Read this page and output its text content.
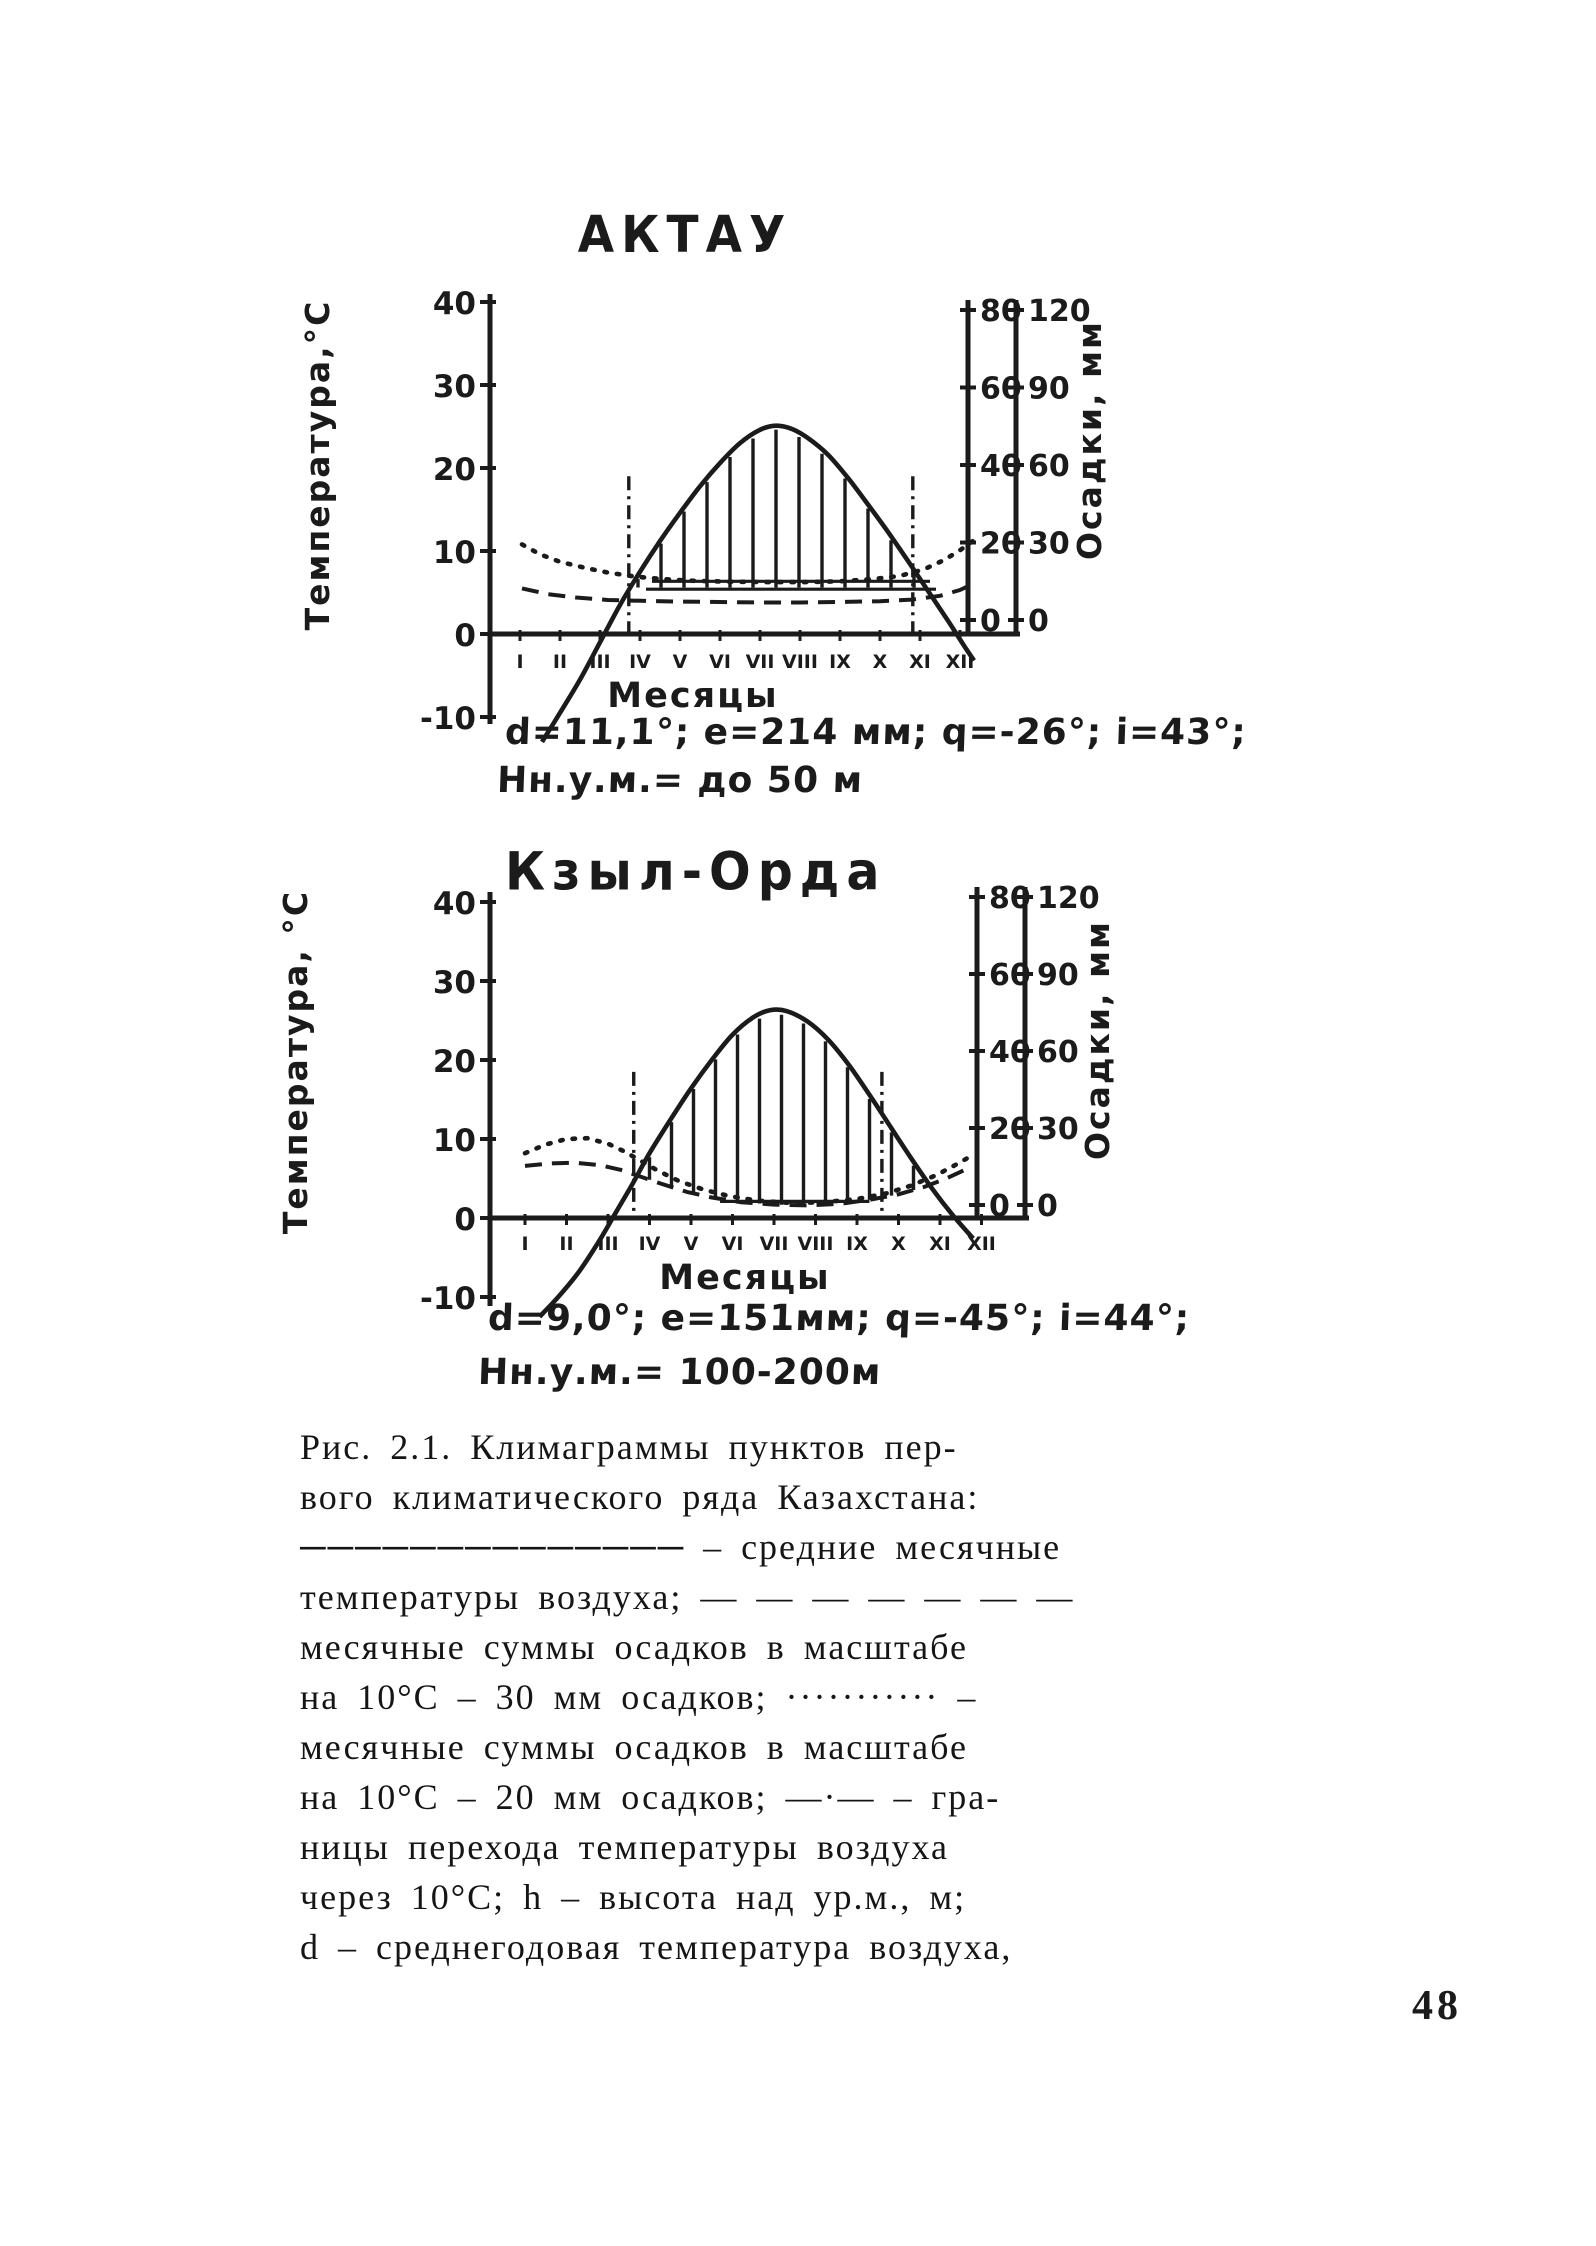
АКТАУ
Температура,°С	Осадки, мм
Месяцы
d=11,1°; е=214 мм; q=-26°; i=43°;
Нн.у.м.= до 50 м
Кзыл-Орда
Температура, °С	Осадки, мм
Месяцы
d=9,0°; е=151мм; q=-45°; i=44°;
Нн.у.м.= 100-200м
40
30
20
10
0
-10
I II III IV V VI VII VIII IX X XI XII
80
60
40
20
0
120
90
60
30
0
40
30
20
10
0
-10
I II III IV V VI VII VIII IX X XI XII
80
60
40
20
0
120
90
60
30
0
Рис. 2.1. Климаграммы пунктов пер-
вого климатического ряда Казахстана:
────────────── – средние месячные
температуры воздуха; — — — — — — —
месячные суммы осадков в масштабе
на 10°С – 30 мм осадков; ··········· –
месячные суммы осадков в масштабе
на 10°С – 20 мм осадков; —·— – гра-
ницы перехода температуры воздуха
через 10°С; h – высота над ур.м., м;
d – среднегодовая температура воздуха,
48
